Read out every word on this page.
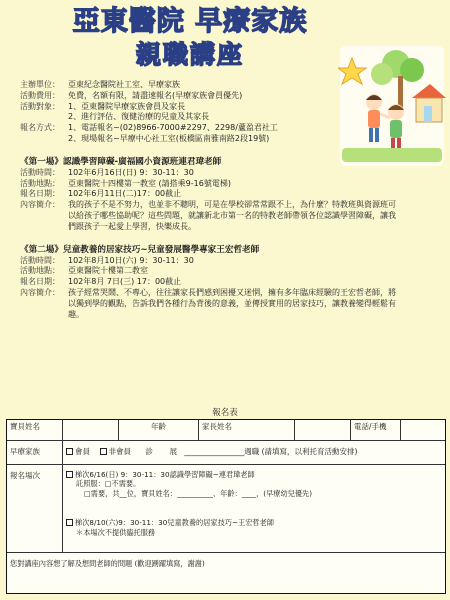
亞東醫院 早療家族
親職講座
主辦單位：	亞東紀念醫院社工室、早療家族
活動費用：	免費，名額有限，請盡速報名(早療家族會員優先)
活動對象：	1、亞東醫院早療家族會員及家長
2、進行評估、復健治療的兒童及其家長
報名方式：	1、電話報名~(02)8966-7000#2297、2298/蘆盈君社工
2、現場報名~早療中心社工室(板橋區南雅南路2段19號)
《第一場》認識學習障礙-廣福國小資源班連君瑋老師
活動時間：	102年6月16日(日) 9：30-11：30
活動地點：	亞東醫院十四樓第一教室 (請搭乘9-16號電梯)
報名日期：	102年6月11日(二)17：00截止
內容簡介：	我的孩子不是不努力，也並非不聰明，可是在學校卻常常跟不上，為什麼？特教班與資源班可以給孩子哪些協助呢？這些問題，就讓新北市第一名的特教老師帶領各位認識學習障礙，讓我們跟孩子一起愛上學習，快樂成長。
《第二場》兒童教養的居家技巧~兒童發展醫學專家王宏哲老師
活動時間：	102年8月10日(六) 9：30-11：30
活動地點：	亞東醫院十樓第二教室
報名日期：	102年8月 7日(三) 17：00截止
內容簡介：	孩子經常哭鬧、不專心，往往讓家長們感到困擾又迷惘，擁有多年臨床經驗的王宏哲老師，將以獨到學的觀點，告訴我們各種行為背後的意義，並傳授實用的居家技巧，讓教養變得輕鬆有趣。
報名表
寶貝姓名	年齡	家長姓名	電話/手機
早療家族	會員 非會員 診 展   ________________週職 (請填寫，以利托育活動安排)
報名場次	梯次6/16(日) 9：30-11：30認識學習障礙~連君瑋老師
託照服：□不需要。
□需要，共__位，寶貝姓名：__________、年齡：____，(早療幼兒優先)
梯次8/10(六)9：30-11：30兒童教養的居家技巧~王宏哲老師
＊本場次不提供臨托服務
您對講座內容想了解及想問老師的問題 (歡迎踴躍填寫，謝謝)
